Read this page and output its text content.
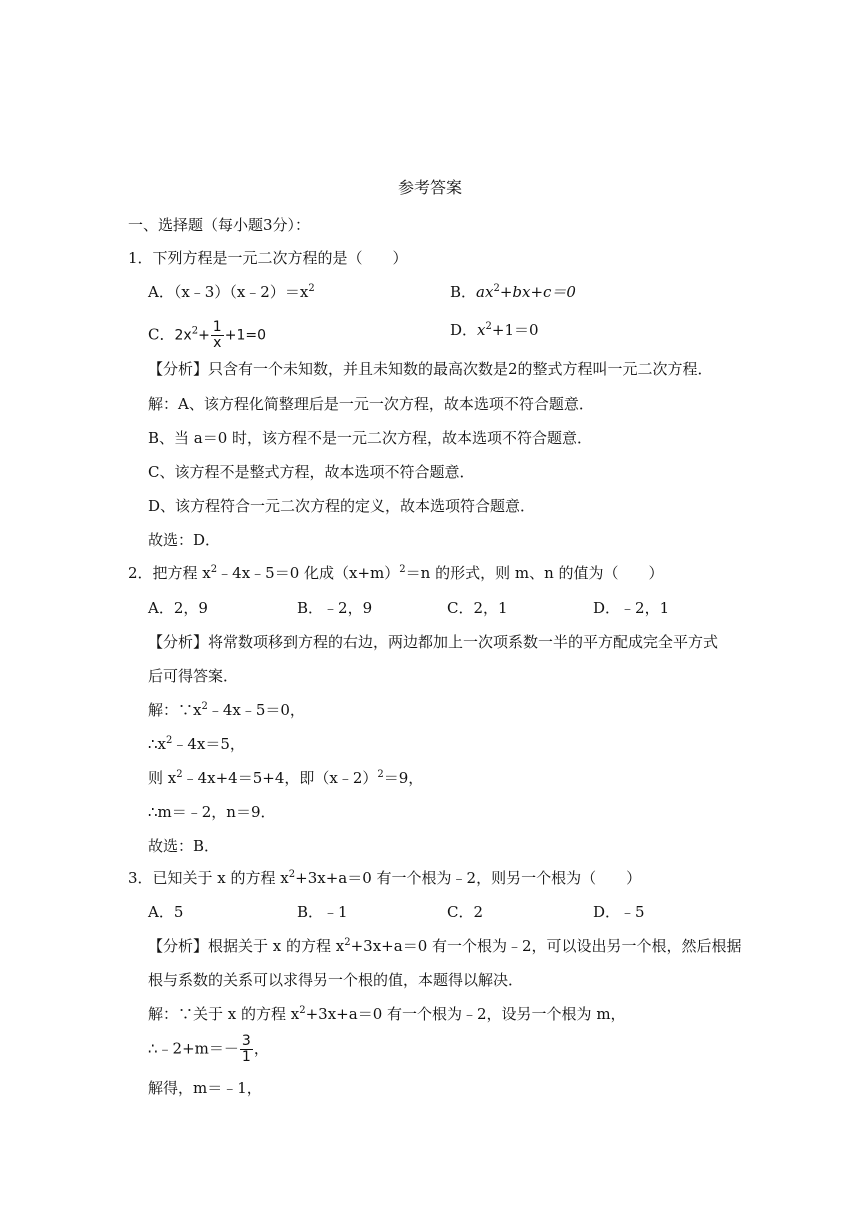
参考答案
一、选择题（每小题3分）：
1．下列方程是一元二次方程的是（　　）
A．$(x﹣3)(x﹣2)=x^2$	B．$ax^2+bx+c=0$
C．$2x^2+ \frac{1}{x} +1=0$	D．$x^2+1=0$
【分析】只含有一个未知数，并且未知数的最高次数是2的整式方程叫一元二次方程．
解：A、该方程化简整理后是一元一次方程，故本选项不符合题意．
B、当 a＝0 时，该方程不是一元二次方程，故本选项不符合题意．
C、该方程不是整式方程，故本选项不符合题意．
D、该方程符合一元二次方程的定义，故本选项符合题意．
故选：D．
2．把方程 $x^2﹣4x﹣5=0$ 化成$(x+m)^2=n$ 的形式，则 m、n 的值为（　　）
A．2，9	B．﹣2，9	C．2，1	D．﹣2，1
【分析】将常数项移到方程的右边，两边都加上一次项系数一半的平方配成完全平方式
后可得答案．
解：$\because x^2﹣4x﹣5=0$，
$\therefore x^2﹣4x=5$，
则 $x^2﹣4x+4=5+4$，即（x﹣2）$^2$＝9，
∴m＝﹣2，n＝9．
故选：B．
3．已知关于 x 的方程 $x^2+3x+a=0$ 有一个根为﹣2，则另一个根为（　　）
A．5	B．﹣1	C．2	D．﹣5
【分析】根据关于 x 的方程 $x^2+3x+a=0$ 有一个根为﹣2，可以设出另一个根，然后根据
根与系数的关系可以求得另一个根的值，本题得以解决．
解：∵关于 x 的方程 $x^2+3x+a=0$ 有一个根为﹣2，设另一个根为 m，
∴﹣2+m＝－ $\frac{3}{1}$ ，
解得，m＝﹣1，
